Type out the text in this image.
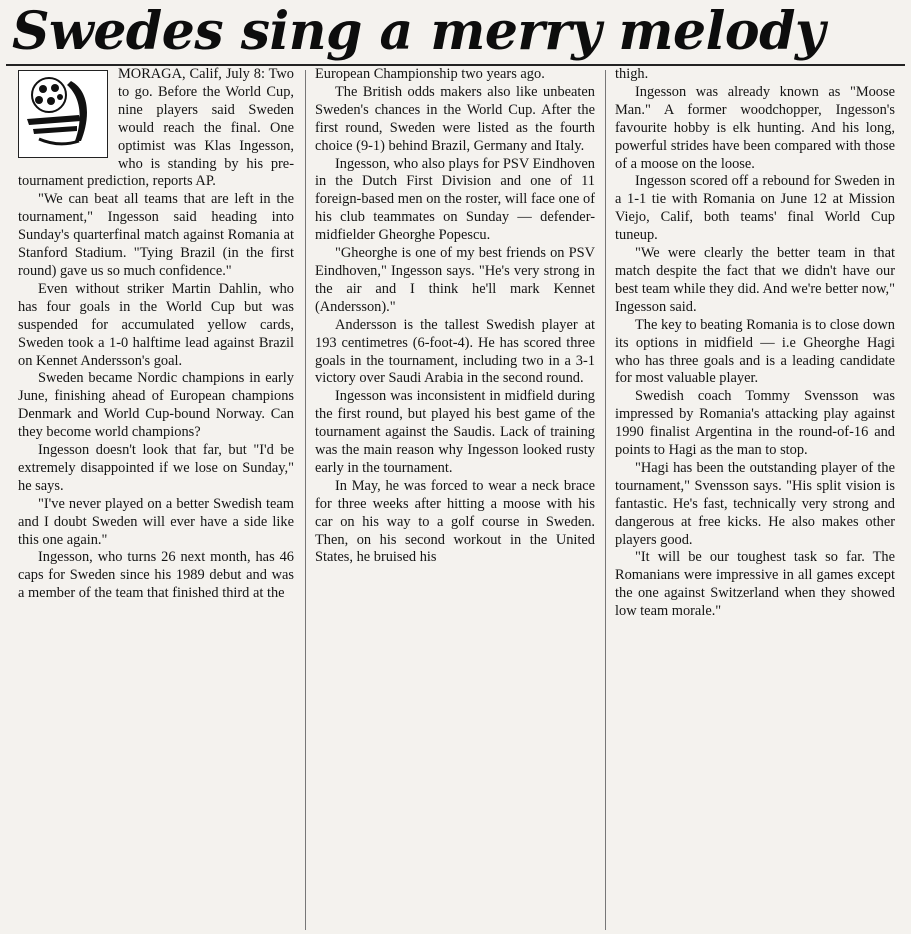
Swedes sing a merry melody

MORAGA, Calif, July 8: Two to go. Before the World Cup, nine players said Sweden would reach the final. One optimist was Klas Ingesson, who is standing by his pre-tournament prediction, reports AP.

"We can beat all teams that are left in the tournament," Ingesson said heading into Sunday's quarterfinal match against Romania at Stanford Stadium. "Tying Brazil (in the first round) gave us so much confidence."

Even without striker Martin Dahlin, who has four goals in the World Cup but was suspended for accumulated yellow cards, Sweden took a 1-0 halftime lead against Brazil on Kennet Andersson's goal.

Sweden became Nordic champions in early June, finishing ahead of European champions Denmark and World Cup-bound Norway. Can they become world champions?

Ingesson doesn't look that far, but "I'd be extremely disappointed if we lose on Sunday," he says.

"I've never played on a better Swedish team and I doubt Sweden will ever have a side like this one again."

Ingesson, who turns 26 next month, has 46 caps for Sweden since his 1989 debut and was a member of the team that finished third at the

European Championship two years ago.

The British odds makers also like unbeaten Sweden's chances in the World Cup. After the first round, Sweden were listed as the fourth choice (9-1) behind Brazil, Germany and Italy.

Ingesson, who also plays for PSV Eindhoven in the Dutch First Division and one of 11 foreign-based men on the roster, will face one of his club teammates on Sunday — defender-midfielder Gheorghe Popescu.

"Gheorghe is one of my best friends on PSV Eindhoven," Ingesson says. "He's very strong in the air and I think he'll mark Kennet (Andersson)."

Andersson is the tallest Swedish player at 193 centimetres (6-foot-4). He has scored three goals in the tournament, including two in a 3-1 victory over Saudi Arabia in the second round.

Ingesson was inconsistent in midfield during the first round, but played his best game of the tournament against the Saudis. Lack of training was the main reason why Ingesson looked rusty early in the tournament.

In May, he was forced to wear a neck brace for three weeks after hitting a moose with his car on his way to a golf course in Sweden. Then, on his second workout in the United States, he bruised his

thigh.

Ingesson was already known as "Moose Man." A former woodchopper, Ingesson's favourite hobby is elk hunting. And his long, powerful strides have been compared with those of a moose on the loose.

Ingesson scored off a rebound for Sweden in a 1-1 tie with Romania on June 12 at Mission Viejo, Calif, both teams' final World Cup tuneup.

"We were clearly the better team in that match despite the fact that we didn't have our best team while they did. And we're better now," Ingesson said.

The key to beating Romania is to close down its options in midfield — i.e Gheorghe Hagi who has three goals and is a leading candidate for most valuable player.

Swedish coach Tommy Svensson was impressed by Romania's attacking play against 1990 finalist Argentina in the round-of-16 and points to Hagi as the man to stop.

"Hagi has been the outstanding player of the tournament," Svensson says. "His split vision is fantastic. He's fast, technically very strong and dangerous at free kicks. He also makes other players good.

"It will be our toughest task so far. The Romanians were impressive in all games except the one against Switzerland when they showed low team morale."
